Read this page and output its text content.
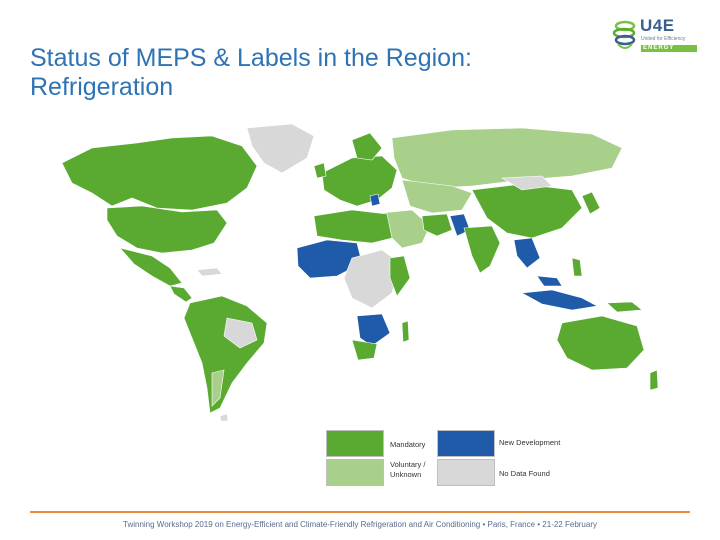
Status of MEPS & Labels in the Region: Refrigeration
U4E
United for Efficiency
ENERGY
Mandatory	New Development
Voluntary / Unknown	No Data Found
Twinning Workshop 2019 on Energy-Efficient and Climate-Friendly Refrigeration and Air Conditioning • Paris, France • 21-22 February
